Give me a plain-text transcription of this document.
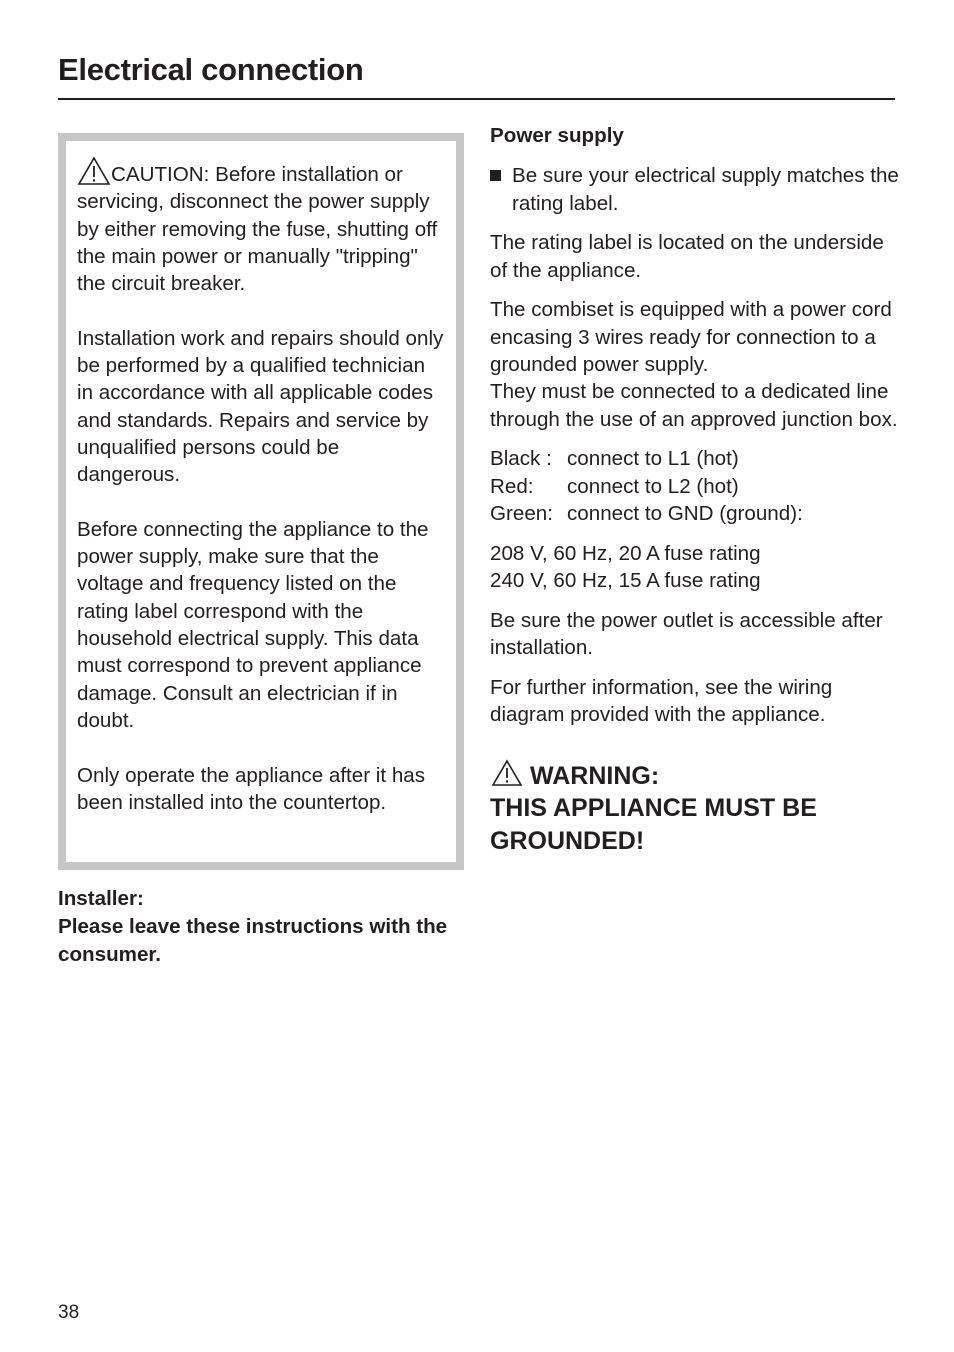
Electrical connection

CAUTION: Before installation or servicing, disconnect the power supply by either removing the fuse, shutting off the main power or manually "tripping" the circuit breaker.

Installation work and repairs should only be performed by a qualified technician in accordance with all applicable codes and standards. Repairs and service by unqualified persons could be dangerous.

Before connecting the appliance to the power supply, make sure that the voltage and frequency listed on the rating label correspond with the household electrical supply. This data must correspond to prevent appliance damage. Consult an electrician if in doubt.

Only operate the appliance after it has been installed into the countertop.

Installer:
Please leave these instructions with the consumer.
Power supply
Be sure your electrical supply matches the rating label.

The rating label is located on the underside of the appliance.

The combiset is equipped with a power cord encasing 3 wires ready for connection to a grounded power supply.
They must be connected to a dedicated line through the use of an approved junction box.

Black : connect to L1 (hot)
Red:	connect to L2 (hot)
Green: connect to GND (ground):

208 V, 60 Hz, 20 A fuse rating
240 V, 60 Hz, 15 A fuse rating

Be sure the power outlet is accessible after installation.

For further information, see the wiring diagram provided with the appliance.

WARNING:
THIS APPLIANCE MUST BE GROUNDED!
38
